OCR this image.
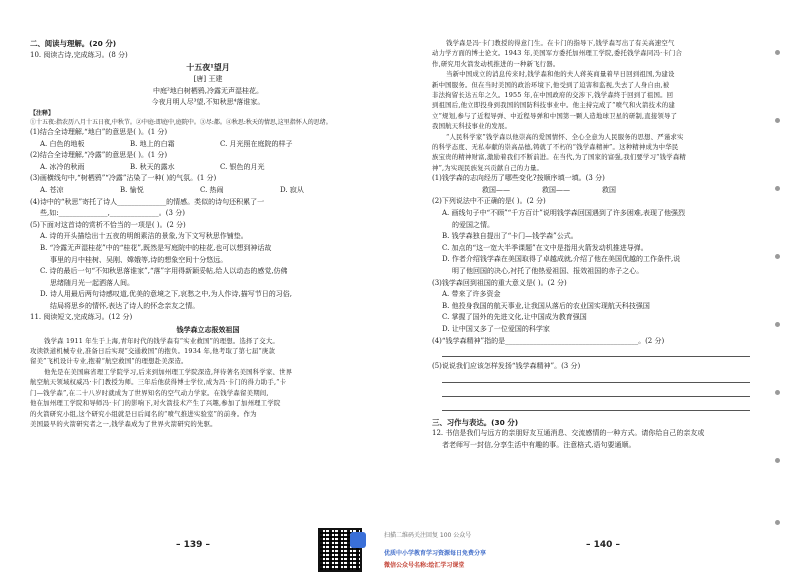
二、阅读与理解。(20 分)
10. 阅读古诗,完成练习。(8 分)
十五夜¹望月
[唐] 王建
中庭²地白树栖鸦,冷露无声湿桂花。
今夜月明人尽³望,不知秋思⁴落谁家。
【注释】
①十五夜:指农历八月十五日夜,中秋节。②中庭:即庭中,庭院中。③尽:都。④秋思:秋天的情思,这里指怀人的思绪。
(1)结合全诗理解,“地白”的意思是( )。(1 分)
A. 白色的地板	B. 地上的白霜	C. 月光照在庭院的样子
(2)结合全诗理解,“冷露”的意思是( )。(1 分)
A. 冰冷的秋雨	B. 秋天的露水	C. 银色的月光
(3)画横线句中,“树栖鸦”“冷露”沾染了一种( )的气氛。(1 分)
A. 苍凉	B. 愉悦	C. 热闹	D. 寂从
(4)诗中的“秋思”寄托了诗人______________的情感。类似的诗句还积累了一
些,如:______________,______________。(3 分)
(5)下面对这首诗的赏析不恰当的一项是( )。(2 分)
A. 诗的开头描绘出十五夜的明朗素洁的景象,为下文写秋思作铺垫。
B. “冷露无声湿桂花”中的“桂花”,既然是写庭院中的桂花,也可以想到神话故
事里的月中桂树、吴刚、嫦娥等,诗的想象空间十分悠远。
C. 诗的最后一句“不知秋思落谁家”,“落”字用得新颖妥帖,给人以动态的感觉,仿佛
思绪随月光一起洒落人间。
D. 诗人用最后两句诗感叹道,优美的意境之下,哀愁之中,为人作诗,描写节日的习俗,
结局将思乡的情怀,表达了诗人的怀念亲友之情。
11. 阅读短文,完成练习。(12 分)
钱学森立志报效祖国
钱学森 1911 年生于上海,青年时代的钱学森有“实业救国”的理想。选择了交大。
攻读铁道机械专业,准备日后实现“交通救国”的抱负。1934 年,他考取了第七届“庚款
留美”飞机设计专业,抱着“航空救国”的理想赴美深造。
他先是在美国麻省理工学院学习,后来到加州理工学院深造,拜待著名美国科学家、世界
航空航天领域权威冯·卡门教授为师。三年后他获得博士学位,成为冯·卡门的得力助手,“卡
门—钱学森”,在二十八岁时就成为了世界知名的空气动力学家。在钱学森留美期间,
他在加州理工学院和导师冯·卡门的影响下,对火箭技术产生了兴趣,参加了加州理工学院
的火箭研究小组,这个研究小组就是日后闻名的“喷气推进实验室”的前身。作为
美国最早的火箭研究者之一,钱学森成为了世界火箭研究的先驱。
钱学森是冯·卡门教授的得意门生。在卡门的指导下,钱学森写出了有关高速空气
动力学方面的博士论文。1943 年,美国军方委托加州理工学院,委托钱学森同冯·卡门合
作,研究用火箭发动机推进的一种新飞行器。
当新中国成立的消息传来时,钱学森和他的夫人蒋英商量着早日回到祖国,为建设
新中国服务。但在当时美国的政治环境下,他受到了迫害和监视,失去了人身自由,被
非法拘留长达五年之久。1955 年,在中国政府的交涉下,钱学森终于回到了祖国。回
到祖国后,他立即投身到我国的国防科技事业中。他主持完成了“喷气和火箭技术的建
立”规划,参与了近程导弹、中近程导弹和中国第一颗人造地球卫星的研制,直接领导了
我国航天科技事业的发展。
“人民科学家”钱学森以他崇高的爱国情怀、全心全意为人民服务的思想、严谨求实
的科学态度、无私奉献的崇高品德,铸就了不朽的“钱学森精神”。这种精神成为中华民
族宝贵的精神财富,激励着我们不断前进。在当代,为了国家的富强,我们要学习“钱学森精
神”,为实现民族复兴贡献自己的力量。
(1)钱学森的志向经历了哪些变化?按顺序填一填。(3 分)
救国——	救国——	救国
(2)下列说法中不正确的是( )。(2 分)
A. 画线句子中“不顾”“千方百计”说明钱学森回国遇到了许多困难,表现了他强烈
的爱国之情。
B. 钱学森独自提出了“卡门—钱学森”公式。
C. 加点的“这一宽大半季课题”在文中是指用火箭发动机推进导弹。
D. 作者介绍钱学森在美国取得了卓越成就,介绍了他在美国优越的工作条件,说
明了他回国的决心,衬托了他热爱祖国、报效祖国的赤子之心。
(3)钱学森回到祖国的重大意义是( )。(2 分)
A. 带来了许多资金
B. 他投身我国的航天事业,让我国从落后的农业国实现航天科技强国
C. 掌握了国外的先进文化,让中国成为教育强国
D. 让中国又多了一位爱国的科学家
(4)“钱学森精神”指的是______________________________________。(2 分)
(5)说说我们应该怎样发扬“钱学森精神”。(3 分)
三、习作与表达。(30 分)
12. 书信是我们与远方的亲朋好友互通消息、交流感情的一种方式。请你给自己的亲友或
者老师写一封信,分享生活中有趣的事。注意格式,语句要通顺。
– 139 –	– 140 –
扫描二维码关注回复 100 公众号
优质中小学教育学习资源每日免费分享
微信公众号名称:绘汇学习课堂
